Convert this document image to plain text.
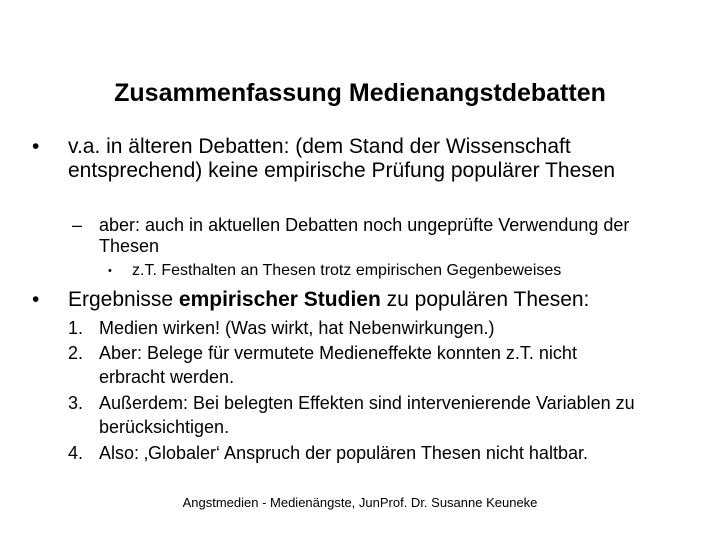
Zusammenfassung Medienangstdebatten
• v.a. in älteren Debatten: (dem Stand der Wissenschaft entsprechend) keine empirische Prüfung populärer Thesen
– aber: auch in aktuellen Debatten noch ungeprüfte Verwendung der Thesen
• z.T. Festhalten an Thesen trotz empirischen Gegenbeweises
• Ergebnisse empirischer Studien zu populären Thesen:
1. Medien wirken! (Was wirkt, hat Nebenwirkungen.)
2. Aber: Belege für vermutete Medieneffekte konnten z.T. nicht erbracht werden.
3. Außerdem: Bei belegten Effekten sind intervenierende Variablen zu berücksichtigen.
4. Also: ‚Globaler‘ Anspruch der populären Thesen nicht haltbar.
Angstmedien - Medienängste, JunProf. Dr. Susanne Keuneke
